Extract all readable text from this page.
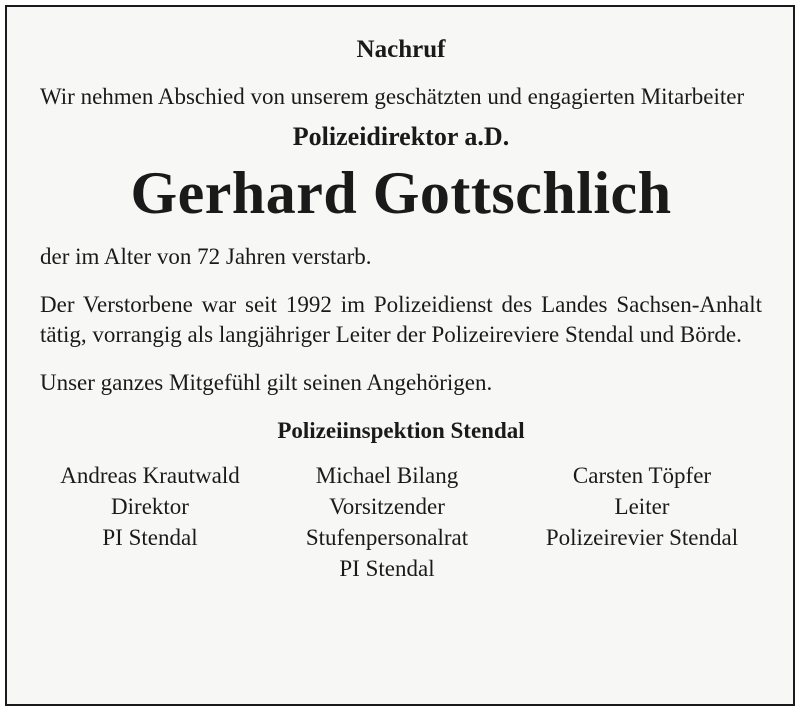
Nachruf

Wir nehmen Abschied von unserem geschätzten und engagierten Mitarbeiter

Polizeidirektor a.D.
Gerhard Gottschlich

der im Alter von 72 Jahren verstarb.

Der Verstorbene war seit 1992 im Polizeidienst des Landes Sachsen-Anhalt tätig, vorrangig als langjähriger Leiter der Polizeireviere Stendal und Börde.

Unser ganzes Mitgefühl gilt seinen Angehörigen.

Polizeiinspektion Stendal
Andreas Krautwald
Direktor
PI Stendal
Michael Bilang
Vorsitzender
Stufenpersonalrat
PI Stendal
Carsten Töpfer
Leiter
Polizeirevier Stendal
